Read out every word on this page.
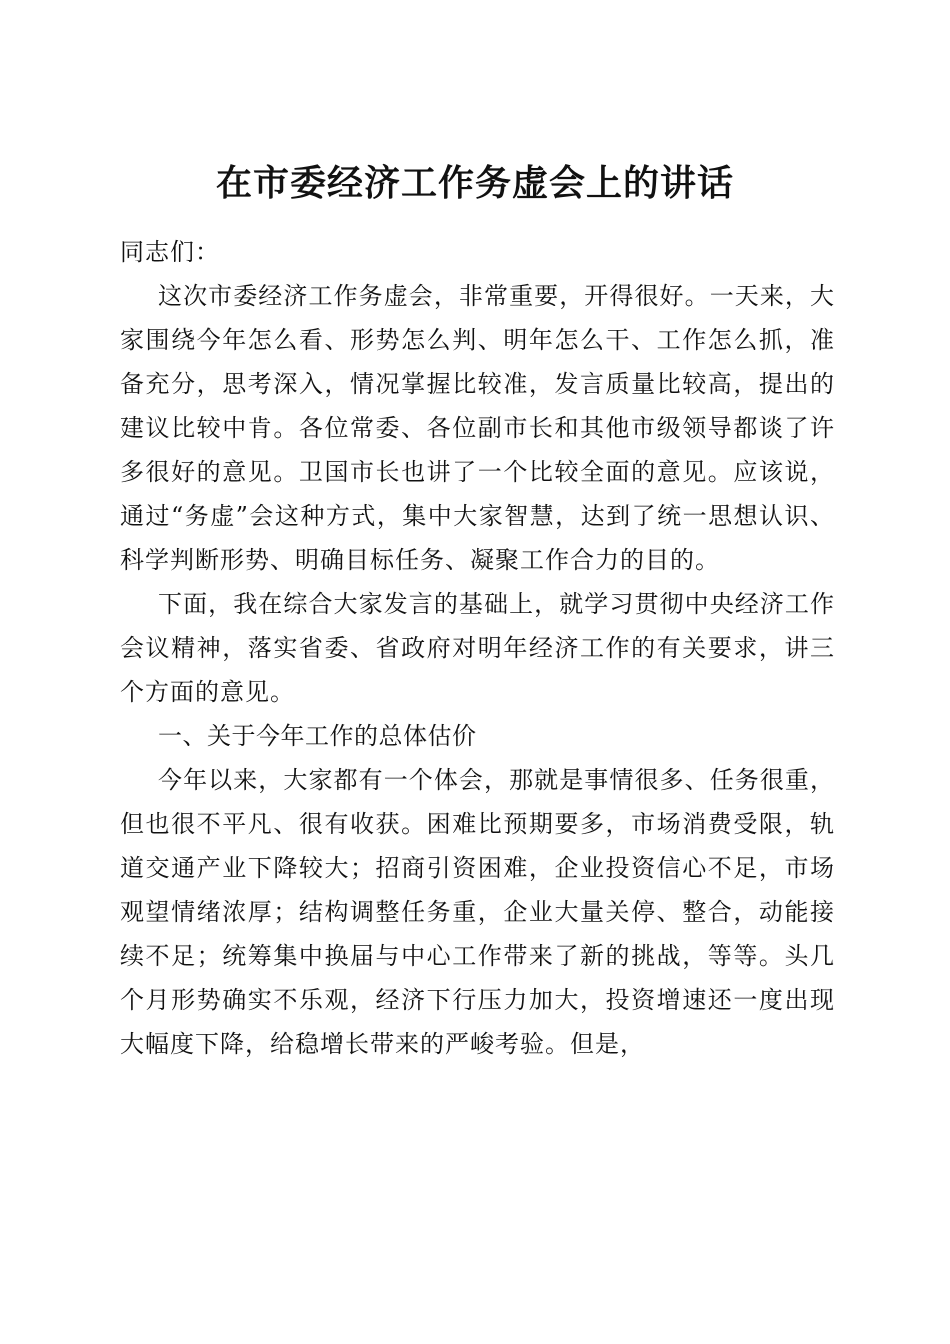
在市委经济工作务虚会上的讲话

同志们：

这次市委经济工作务虚会，非常重要，开得很好。一天来，大家围绕今年怎么看、形势怎么判、明年怎么干、工作怎么抓，准备充分，思考深入，情况掌握比较准，发言质量比较高，提出的建议比较中肯。各位常委、各位副市长和其他市级领导都谈了许多很好的意见。卫国市长也讲了一个比较全面的意见。应该说，通过“务虚”会这种方式，集中大家智慧，达到了统一思想认识、科学判断形势、明确目标任务、凝聚工作合力的目的。

下面，我在综合大家发言的基础上，就学习贯彻中央经济工作会议精神，落实省委、省政府对明年经济工作的有关要求，讲三个方面的意见。

一、关于今年工作的总体估价

今年以来，大家都有一个体会，那就是事情很多、任务很重，但也很不平凡、很有收获。困难比预期要多，市场消费受限，轨道交通产业下降较大；招商引资困难，企业投资信心不足，市场观望情绪浓厚；结构调整任务重，企业大量关停、整合，动能接续不足；统筹集中换届与中心工作带来了新的挑战，等等。头几个月形势确实不乐观，经济下行压力加大，投资增速还一度出现大幅度下降，给稳增长带来的严峻考验。但是，
